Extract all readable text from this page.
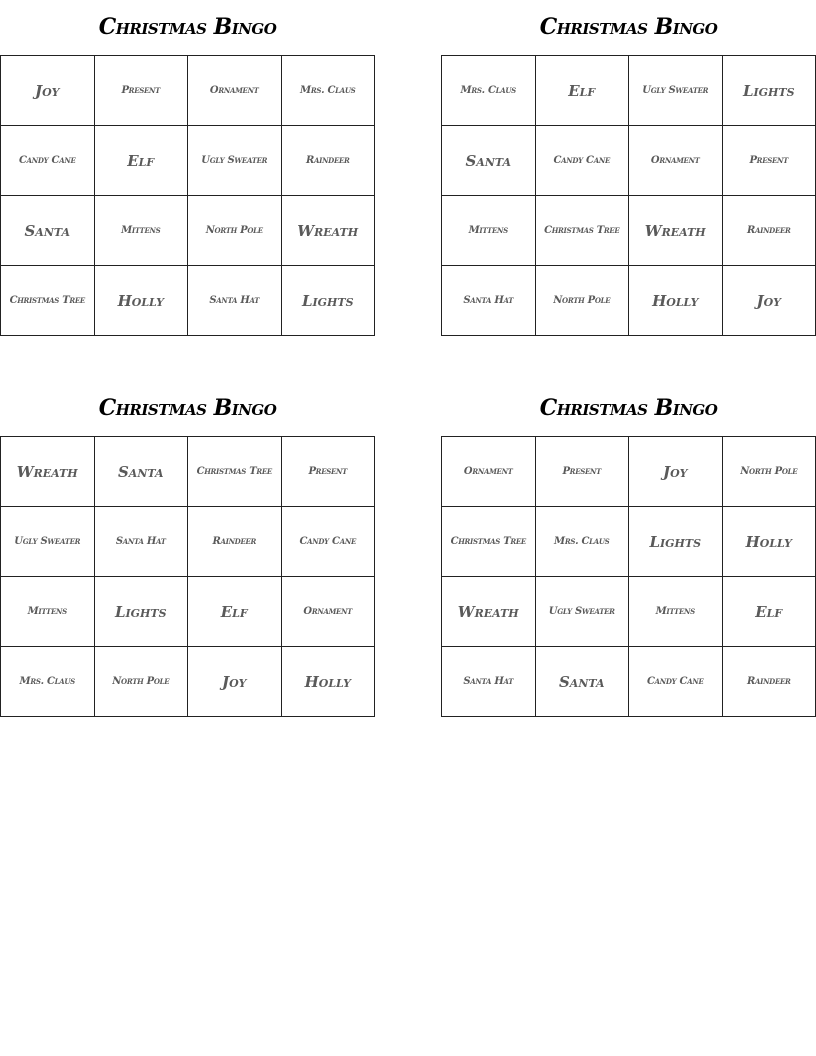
Christmas Bingo
Joy	Present	Ornament	Mrs. Claus
Candy Cane	Elf	Ugly Sweater	Raindeer
Santa	Mittens	North Pole	Wreath
Christmas Tree	Holly	Santa Hat	Lights
Christmas Bingo
Mrs. Claus	Elf	Ugly Sweater	Lights
Santa	Candy Cane	Ornament	Present
Mittens	Christmas Tree	Wreath	Raindeer
Santa Hat	North Pole	Holly	Joy
Christmas Bingo
Wreath	Santa	Christmas Tree	Present
Ugly Sweater	Santa Hat	Raindeer	Candy Cane
Mittens	Lights	Elf	Ornament
Mrs. Claus	North Pole	Joy	Holly
Christmas Bingo
Ornament	Present	Joy	North Pole
Christmas Tree	Mrs. Claus	Lights	Holly
Wreath	Ugly Sweater	Mittens	Elf
Santa Hat	Santa	Candy Cane	Raindeer
